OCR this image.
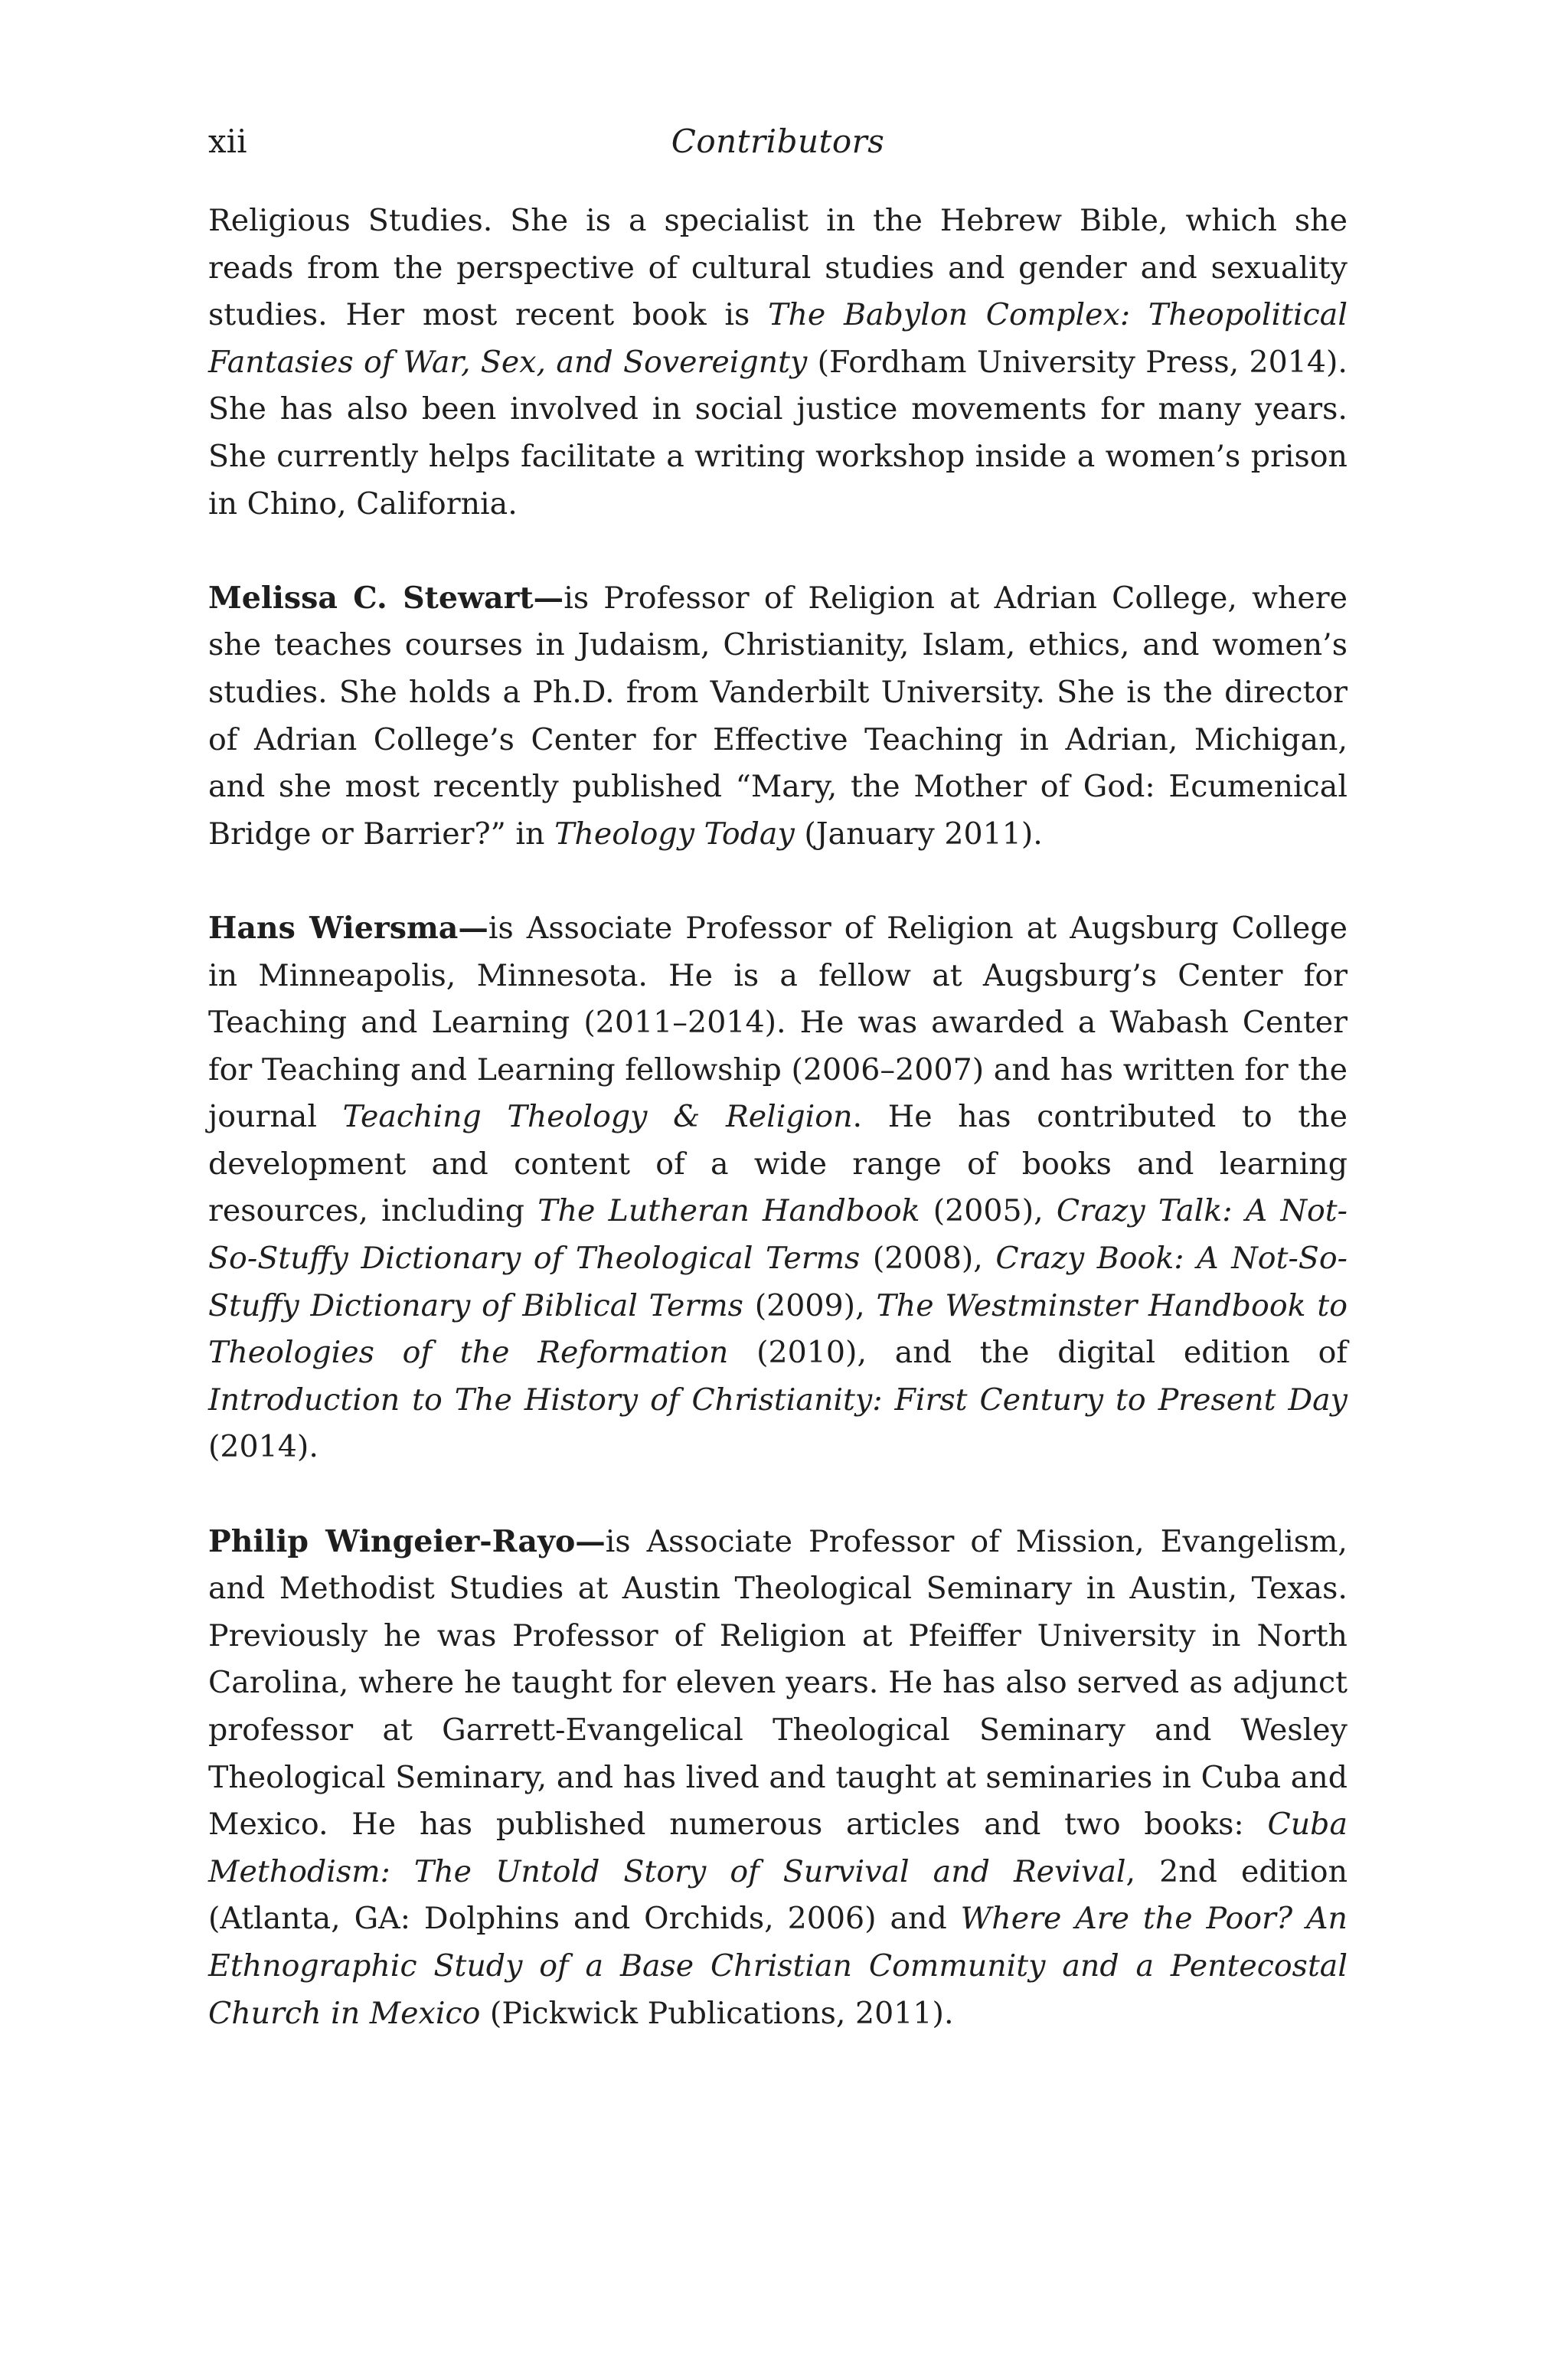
xii	Contributors

Religious Studies. She is a specialist in the Hebrew Bible, which she reads from the perspective of cultural studies and gender and sexuality studies. Her most recent book is The Babylon Complex: Theopolitical Fantasies of War, Sex, and Sovereignty (Fordham University Press, 2014). She has also been involved in social justice movements for many years. She currently helps facilitate a writing workshop inside a women’s prison in Chino, California.

Melissa C. Stewart—is Professor of Religion at Adrian College, where she teaches courses in Judaism, Christianity, Islam, ethics, and women’s studies. She holds a Ph.D. from Vanderbilt University. She is the director of Adrian College’s Center for Effective Teaching in Adrian, Michigan, and she most recently published “Mary, the Mother of God: Ecumenical Bridge or Barrier?” in Theology Today (January 2011).

Hans Wiersma—is Associate Professor of Religion at Augsburg College in Minneapolis, Minnesota. He is a fellow at Augsburg’s Center for Teaching and Learning (2011–2014). He was awarded a Wabash Center for Teaching and Learning fellowship (2006–2007) and has written for the journal Teaching Theology & Religion. He has contributed to the development and content of a wide range of books and learning resources, including The Lutheran Handbook (2005), Crazy Talk: A Not-So-Stuffy Dictionary of Theological Terms (2008), Crazy Book: A Not-So-Stuffy Dictionary of Biblical Terms (2009), The Westminster Handbook to Theologies of the Reformation (2010), and the digital edition of Introduction to The History of Christianity: First Century to Present Day (2014).

Philip Wingeier-Rayo—is Associate Professor of Mission, Evangelism, and Methodist Studies at Austin Theological Seminary in Austin, Texas. Previously he was Professor of Religion at Pfeiffer University in North Carolina, where he taught for eleven years. He has also served as adjunct professor at Garrett-Evangelical Theological Seminary and Wesley Theological Seminary, and has lived and taught at seminaries in Cuba and Mexico. He has published numerous articles and two books: Cuba Methodism: The Untold Story of Survival and Revival, 2nd edition (Atlanta, GA: Dolphins and Orchids, 2006) and Where Are the Poor? An Ethnographic Study of a Base Christian Community and a Pentecostal Church in Mexico (Pickwick Publications, 2011).
